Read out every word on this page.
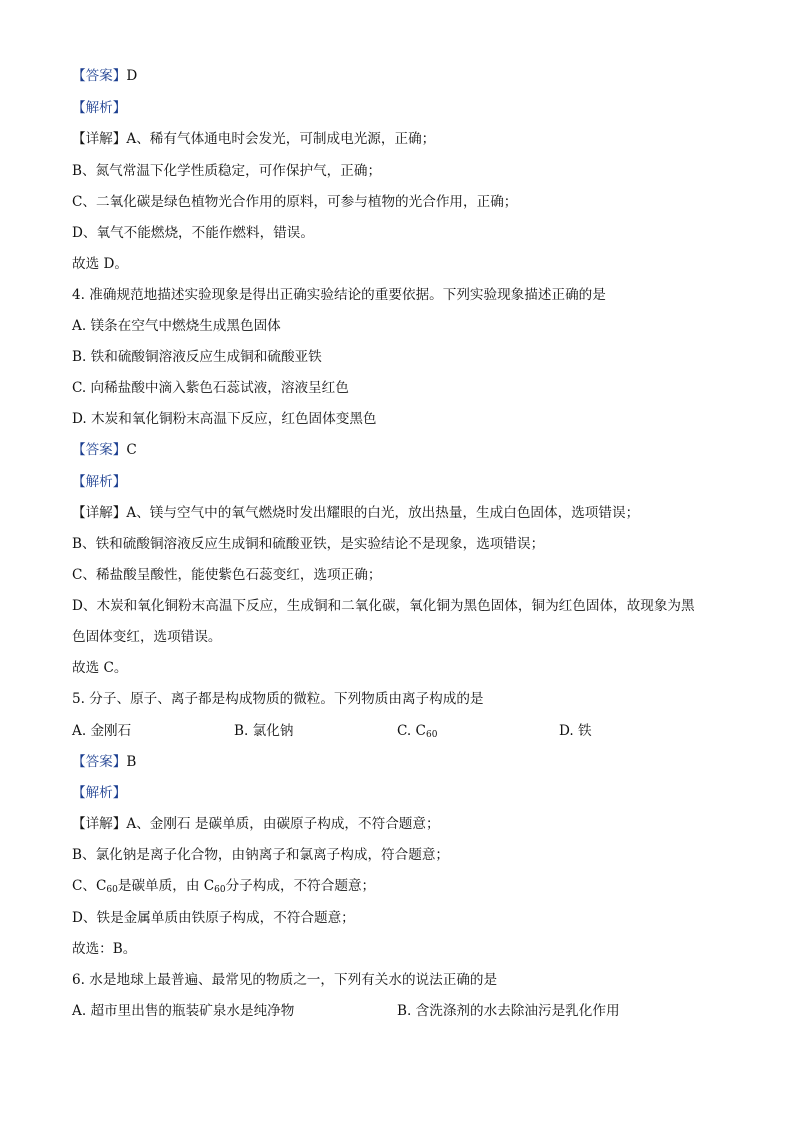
【答案】D
【解析】
【详解】A、稀有气体通电时会发光，可制成电光源，正确；
B、氮气常温下化学性质稳定，可作保护气，正确；
C、二氧化碳是绿色植物光合作用的原料，可参与植物的光合作用，正确；
D、氧气不能燃烧，不能作燃料，错误。
故选 D。
4. 准确规范地描述实验现象是得出正确实验结论的重要依据。下列实验现象描述正确的是
A. 镁条在空气中燃烧生成黑色固体
B. 铁和硫酸铜溶液反应生成铜和硫酸亚铁
C. 向稀盐酸中滴入紫色石蕊试液，溶液呈红色
D. 木炭和氧化铜粉末高温下反应，红色固体变黑色
【答案】C
【解析】
【详解】A、镁与空气中的氧气燃烧时发出耀眼的白光，放出热量，生成白色固体，选项错误；
B、铁和硫酸铜溶液反应生成铜和硫酸亚铁，是实验结论不是现象，选项错误；
C、稀盐酸呈酸性，能使紫色石蕊变红，选项正确；
D、木炭和氧化铜粉末高温下反应，生成铜和二氧化碳，氧化铜为黑色固体，铜为红色固体，故现象为黑
色固体变红，选项错误。
故选 C。
5. 分子、原子、离子都是构成物质的微粒。下列物质由离子构成的是
A. 金刚石	B. 氯化钠	C. $C_{60}$	D. 铁
【答案】B
【解析】
【详解】A、金刚石 是碳单质，由碳原子构成，不符合题意；
B、氯化钠是离子化合物，由钠离子和氯离子构成，符合题意；
C、$C_{60}$是碳单质，由 $C_{60}$分子构成，不符合题意；
D、铁是金属单质由铁原子构成，不符合题意；
故选：B。
6. 水是地球上最普遍、最常见的物质之一，下列有关水的说法正确的是
A. 超市里出售的瓶装矿泉水是纯净物	B. 含洗涤剂的水去除油污是乳化作用
